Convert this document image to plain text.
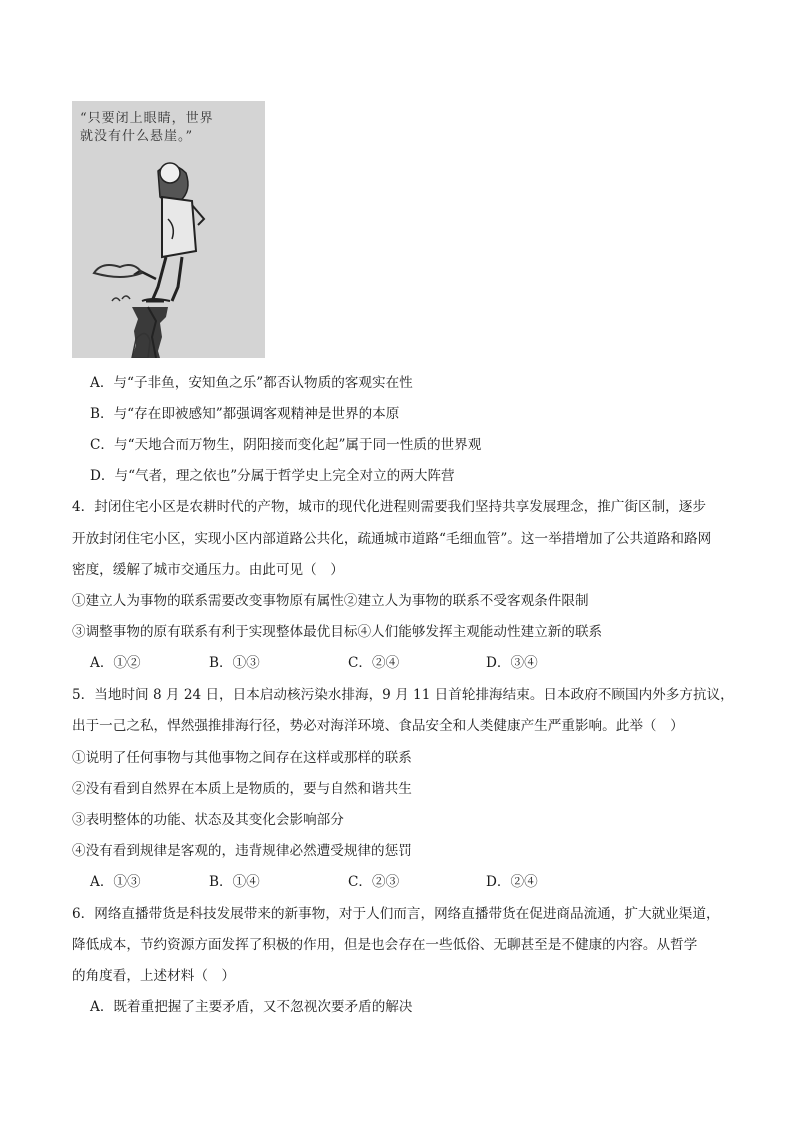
“只要闭上眼睛，世界
就没有什么悬崖。”
A．与“子非鱼，安知鱼之乐”都否认物质的客观实在性
B．与“存在即被感知”都强调客观精神是世界的本原
C．与“天地合而万物生，阴阳接而变化起”属于同一性质的世界观
D．与“气者，理之依也”分属于哲学史上完全对立的两大阵营
4．封闭住宅小区是农耕时代的产物，城市的现代化进程则需要我们坚持共享发展理念，推广街区制，逐步
开放封闭住宅小区，实现小区内部道路公共化，疏通城市道路“毛细血管”。这一举措增加了公共道路和路网
密度，缓解了城市交通压力。由此可见（　）
①建立人为事物的联系需要改变事物原有属性②建立人为事物的联系不受客观条件限制
③调整事物的原有联系有利于实现整体最优目标④人们能够发挥主观能动性建立新的联系
A．①②	B．①③	C．②④	D．③④
5．当地时间 8 月 24 日，日本启动核污染水排海，9 月 11 日首轮排海结束。日本政府不顾国内外多方抗议，
出于一己之私，悍然强推排海行径，势必对海洋环境、食品安全和人类健康产生严重影响。此举（　）
①说明了任何事物与其他事物之间存在这样或那样的联系
②没有看到自然界在本质上是物质的，要与自然和谐共生
③表明整体的功能、状态及其变化会影响部分
④没有看到规律是客观的，违背规律必然遭受规律的惩罚
A．①③	B．①④	C．②③	D．②④
6．网络直播带货是科技发展带来的新事物，对于人们而言，网络直播带货在促进商品流通，扩大就业渠道，
降低成本，节约资源方面发挥了积极的作用，但是也会存在一些低俗、无聊甚至是不健康的内容。从哲学
的角度看，上述材料（　）
A．既着重把握了主要矛盾，又不忽视次要矛盾的解决
